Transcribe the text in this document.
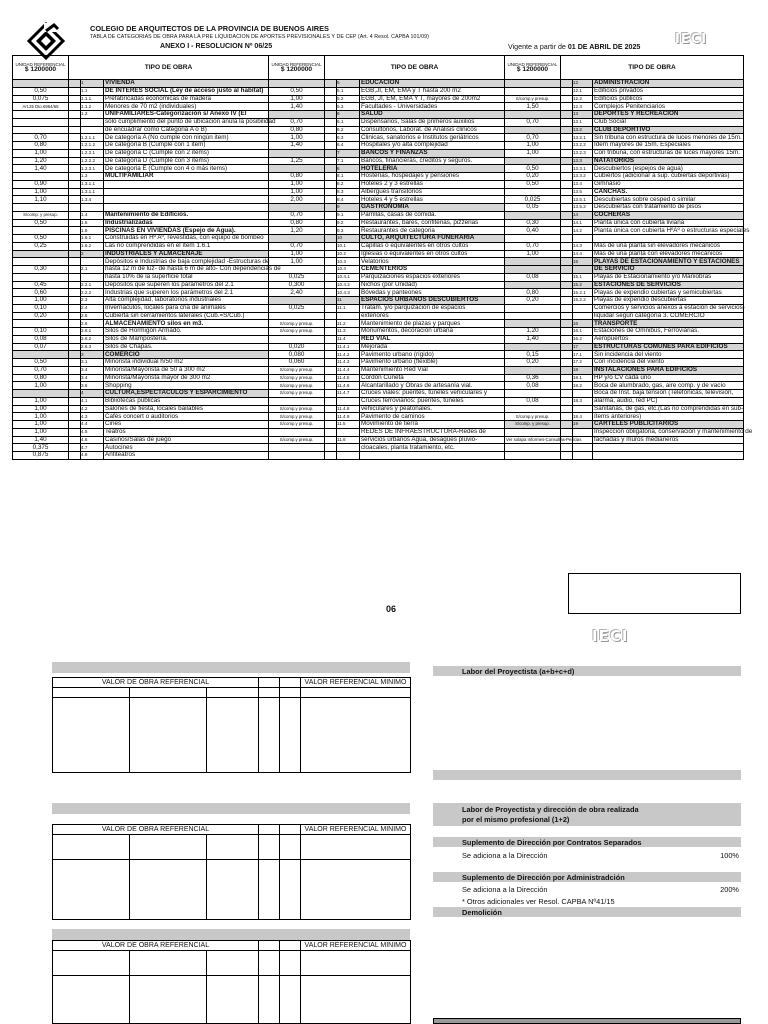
COLEGIO DE ARQUITECTOS DE LA PROVINCIA DE BUENOS AIRES
TABLA DE CATEGORIAS DE OBRA PARA LA PRE LIQUIDACION DE APORTES PREVISIONALES Y DE CEP (Art. 4 Resol. CAPBA 101/09)
ANEXO I - RESOLUCION Nº 06/25	Vigente a partir de 01 DE ABRIL DE 2025	IECI
UNIDAD REFERENCIAL
$ 1200000	TIPO DE OBRA			UNIDAD REFERENCIAL
$ 1200000	TIPO DE OBRA			UNIDAD REFERENCIAL
$ 1200000	TIPO DE OBRA		
		1	VIVIENDA			5	EDUCACION			12	ADMINISTRACION
0,50		1.1	DE INTERES SOCIAL (Ley de acceso justo al habitat)	0,50		5.1	EGB,JI, EM, EMA y T hasta 200 m2			12.1	Edificios privados
0,075		1.1.1.	Prefabricadas economicas de madera	1,00		5.2	EGB, JI, EM, EMA Y T, mayores de 200m2	S/comp.y presup.		12.2	Edificios públicos
Art.25 Dto.6964/65		1.1.2	Menores de 70 m2 (individuales)	1,40		5.3	Facultades - Universidades	1,50		12.3	Complejos Penitenciarios
		1.2	UNIFAMILIARES-Categorización s/ Anexo IV (El			6	SALUD			13	DEPORTES Y RECREACION
			sólo cumplimiento del punto de ubicación anula la posibilidad	0,70		6.1	Dispensarios, Salas de primeros auxilios	0,70		13.1	Club Social
			de encuadrar como Categoria A ó B)	0,80		6.2	Consultorios, Laborat. de Analisis clinicos			13.2	CLUB DEPORTIVO
0,70		1.2.1.1	De categoría A (No cumple con ningún item)	1,00		6.3	Clinicas, sanatorios e Institutos geriátricos	0,70		13.2.1	Sin tribuna con estructura de luces menores de 15m.
0,80		1.2.1.2	De categoría B (Cumple con 1 item)	1,40		6.4	Hospitales y/o alta complejidad	1,00		13.2.2	Idem mayores de 15m. Especiales
1,00		1.2.2.1	De categoría C (Cumple con 2 items)			7	BANCOS Y FINANZAS	1,00		13.2.3	Con tribuna, con estructuras de luces mayores 15m.
1,20		1.2.2.2	De categoría D (Cumple con 3 items)	1,25		7.1	Bancos, financieras, creditos y seguros.			13.3	NATATORIOS
1,40		1.2.3.1	De categoria E (Cumple con 4 o más items)			8	HOTELERIA	0,50		13.3.1	Descubiertos (espejos de agua)
		1.3	MULTIFAMILIAR	0,80		8.1	Hosterías, hospedajes y pensiones	0,20		13.3.2	Cubiertos (adicionar a sup. cubiertas deportivas)
0,90		1.3.1.1		1,00		8.2	Hoteles 2 y 3 estrellas	0,50		13.4	Gimnasio
1,00		1.3.1.1		1,00		8.3	Albergues transitorios			13.5	CANCHAS.
1,10		1.3.4		2,00		8.4	Hoteles 4 y 5 estrellas	0,025		13.5.1	Descubiertas sobre cesped o similar
						9	GASTRONOMIA	0,05		13.5.2	Descubiertas con tratamiento de pisos
S/comp. y presup.		1.4	Mantenimiento de Edificios.	0,70		9.1	Parrillas, casas de comida.			14	COCHERAS
0,50		1.5	Industrializadas	0,80		9.2	Restaurantes, bares, confiterias, pizzerias	0,30		14.1	Planta única con cubierta liviana
		1.6	PISCINAS EN VIVIENDAS (Espejo de Agua).	1,20		9.3	Restaurantes de categoria	0,40		14.2	Planta única con cubierta HºAº o estructuras especiales
0,50		1.6.1	Construidas en Hº Aº, revestidas, con equipo de bombeo			10	CULTO, ARQUITECTURA FUNERARIA				
0,25		1.6.2	Las no comprendidas en el ítem 1.6.1	0,70		10.1	Capillas o equivalentes en otros cultos	0,70		14.3	Mas de una planta sin elevadores mecánicos
		2	INDUSTRIALES Y ALMACENAJE	1,00		10.2	Iglesias o equivalentes en otros cultos	1,00		14.4	Mas de una planta con elevadores mecánicos
			Depósitos e Industrias de baja complejidad -Estructuras de	1,00		10.3	Velatorios			15	PLAYAS DE ESTACIONAMIENTO Y ESTACIONES
0,30		2.1	hasta 12 m de luz- de hasta 6 m de alto- Con dependencias de			10.4	CEMENTERIOS				DE SERVICIO
			hasta 10% de la superficie total	0,025		10.4.1	Parquizaciones espacios exteriores	0,08		15.1	Playas de Estacionamiento y/o Maniobras
0,45		2.2.1	Depósitos que superen los parámetros del 2.1	0,300		10.4.2	Nichos (por Unidad)			15.2	ESTACIONES DE SERVICIOS
0,60		2.2.2	Industrias que superen los parámetros del 2.1	2,40		10.4.3	Bóvedas y panteones	0,80		15.2.1	Playas de expendio cubiertas y semicubiertas
1,00		2.3	Alta complejidad, laboratorios industriales			11	ESPACIOS URBANOS DESCUBIERTOS	0,20		15.2.2	Playas de expendio descubiertas
0,10		2.4	Invernaculos, locales para cria de animales	0,025		11.1	Tratam. y/o parquización de espacios				Comercios y servicios anexos a estación de servicios-
0,20		2.5	Cubierta sin cerramientos laterales (Cub.=S/Cub.)				exteriores				liquidar según categoría 3. COMERCIO
		2.6	ALMACENAMIENTO silos en m3.	S/comp.y presup.		11.2	Mantenimiento de plazas y parques			16	TRANSPORTE
0,10		2.6.1	Silos de Hormigón Armado.	S/comp.y presup.		11.3	Monumentos, decoración urbana	1,20		16.1	Estaciones de Omnibus, Ferroviarias.
0,08		2.6.2	Silos de Mampostería.			11.4	RED VIAL	1,40		16.2	Aeropuertos
0,07		2.6.3	Silos de Chapas.	0,020		11.4.1	Mejorada			17	ESTRUCTURAS COMUNES PARA EDIFICIOS
		3	COMERCIO	0,080		11.4.2	Pavimento urbano (rígido)	0,15		17.1	Sin incidencia del viento
0,50		3.1	Minorista individual h/50 m2	0,060		11.4.3	Pavimento urbano (flexible)	0,20		17.2	Con incidencia del viento
0,70		3.4	Minorista/Mayorista de 50 a 300 m2	S/comp.y presup.		11.4.4	Mantenimiento Red Vial			18	INSTALACIONES PARA EDIFICIOS
0,80		3.4	Minorista/Mayorista mayor de 300 m2	S/comp.y presup.		11.4.5	Cordón Cuneta	0,36		18.1	HP y/o CV cada uno
1,00		3.6	Shopping	S/comp.y presup.		11.4.6	Alcantarillado y Obras de artesanía vial.	0,08		18.2	Boca de alumbrado, gas, aire comp. y de vacío
		4	CULTURA,ESPECTACULOS Y ESPARCIMIENTO	S/comp.y presup.		11.4.7	Cruces viales: puentes, túneles vehiculares y				Boca de Inst. baja tensión (Telefónicas, televisión,
1,00		4.1	Bibliotecas publicas				Cruces ferroviarios: puentes, túneles	0,08		18.3	alarma, audio, red PC)
1,00		4.2	Salones de fiesta, locales bailables	S/comp.y presup.		11.4.8	vehiculares y peatonales.				Sanitarias, de gas, etc.(Las no comprendidas en sub-
1,00		4.3	Cafés concert o auditorios	S/comp.y presup.		11.4.9	Pavimento de caminos	S/comp.y presup.		18.4	ítems anteriores)
1,00		4.4	Cines	S/comp.y presup.		11.5	Movimiento de tierra	S/comp. y presup.		19	CARTELES PUBLICITARIOS
1,00		4.5	Teatros				REDES DE INFRAESTRUCTURA-Redes de				Inspección obligatoria, conservación y mantenimiento de
1,40		4.6	Casinos/Salas de juego	S/comp.y presup.		11.6	servicios urbanos Agua, desagües pluvio-	Ver solapa Informes-Consultas-Pericias			fachadas y muros medianeros
0,375		4.7	Autocines				cloacales, planta tratamiento, etc.				
0,875		4.8	Anfiteatros								
06
IECI
VALOR DE OBRA REFERENCIAL					VALOR REFERENCIAL MINIMO

VALOR DE OBRA REFERENCIAL					VALOR REFERENCIAL MINIMO

VALOR DE OBRA REFERENCIAL					VALOR REFERENCIAL MINIMO

Labor del Proyectista (a+b+c+d)
Labor de Proyectista y dirección de obra realizada
por el mismo profesional (1+2)
Suplemento de Dirección por Contratos Separados
Se adiciona a la Dirección	100%
Suplemento de Dirección por Administradción
Se adiciona a la Dirección	200%
* Otros adicionales ver Resol. CAPBA Nº41/15
Demolición
